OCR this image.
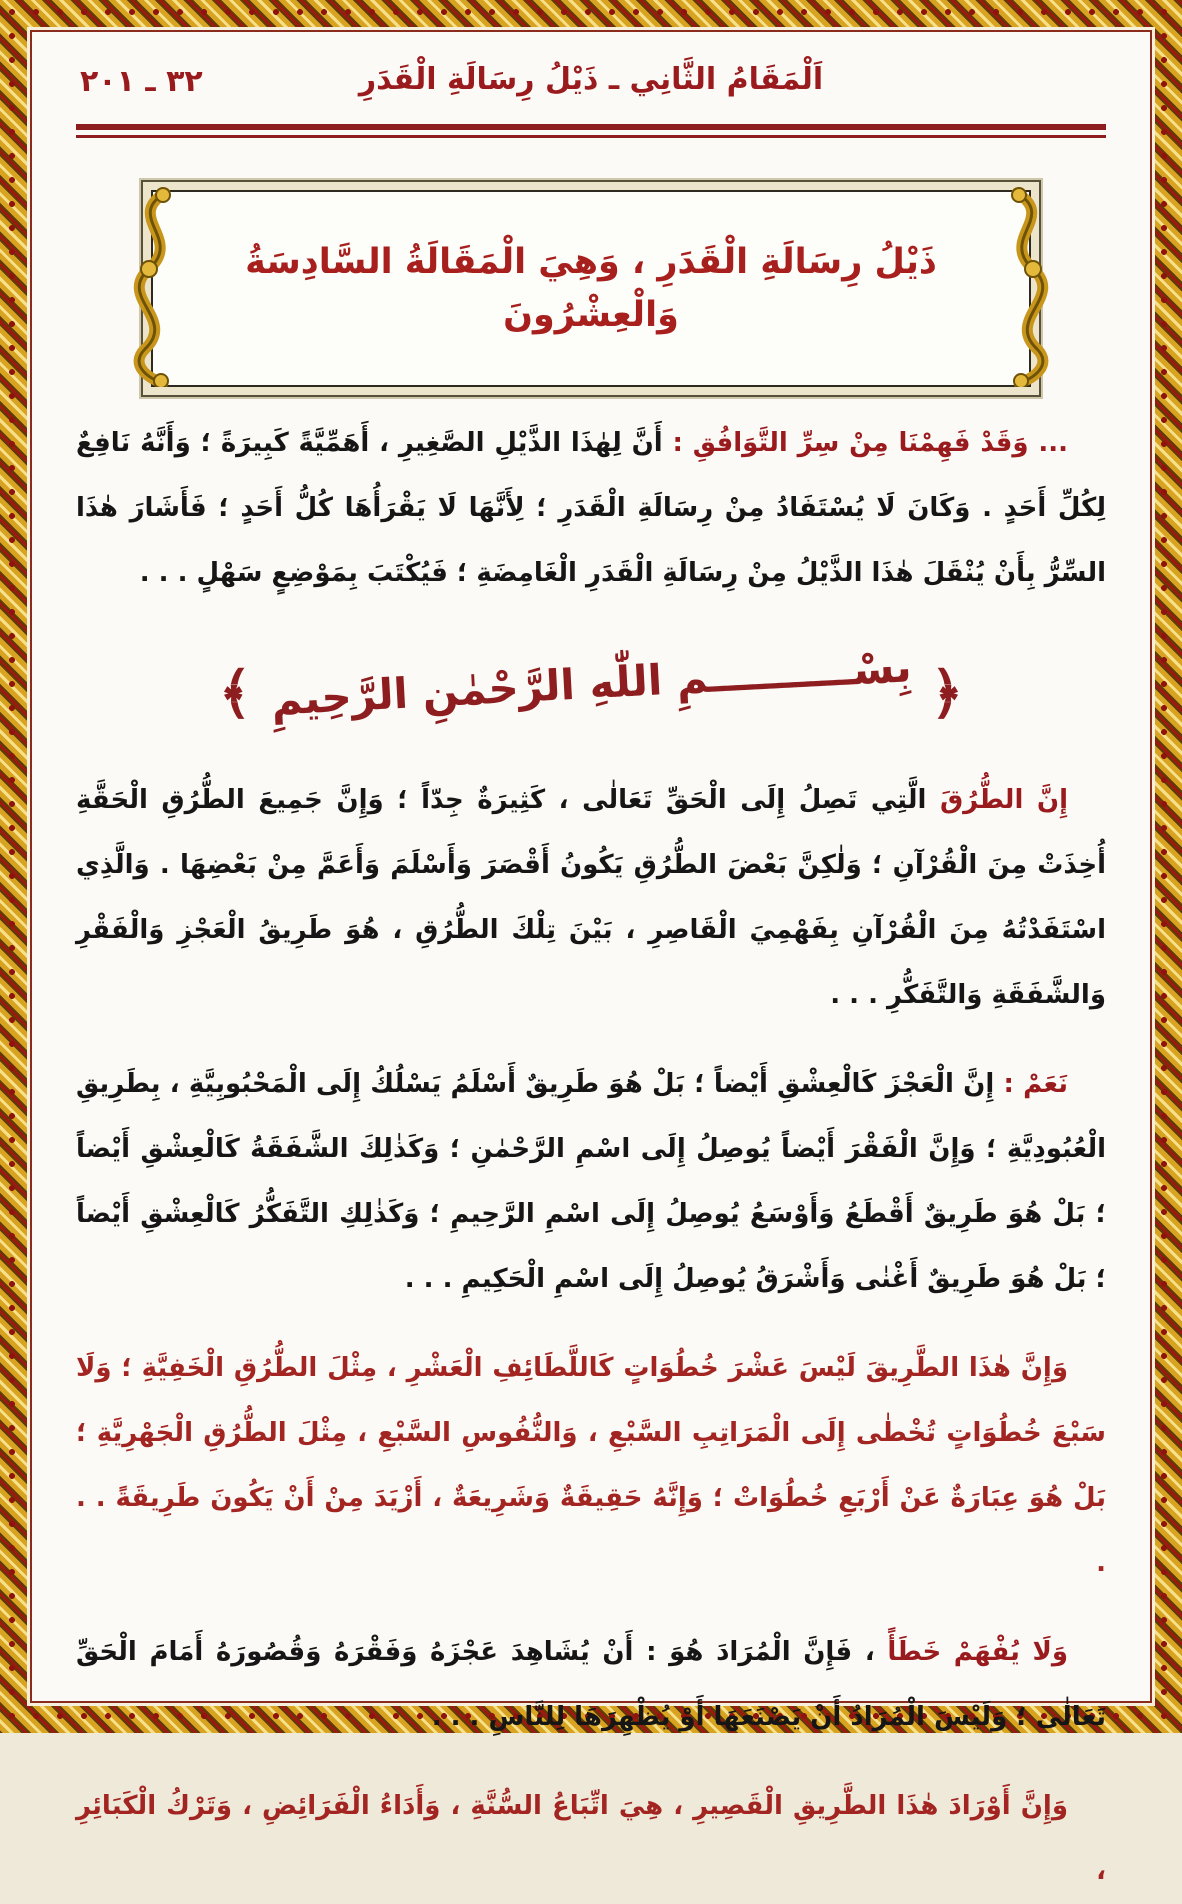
اَلْمَقَامُ الثَّانِي ـ ذَيْلُ رِسَالَةِ الْقَدَرِ
٣٢ ـ ٢٠١
ذَيْلُ رِسَالَةِ الْقَدَرِ ، وَهِيَ الْمَقَالَةُ السَّادِسَةُ وَالْعِشْرُونَ

... وَقَدْ فَهِمْنَا مِنْ سِرِّ التَّوَافُقِ : أَنَّ لِهٰذَا الذَّيْلِ الصَّغِيرِ ، أَهَمِّيَّةً كَبِيرَةً ؛ وَأَنَّهُ نَافِعٌ لِكُلِّ أَحَدٍ . وَكَانَ لَا يُسْتَفَادُ مِنْ رِسَالَةِ الْقَدَرِ ؛ لِأَنَّهَا لَا يَقْرَأُهَا كُلُّ أَحَدٍ ؛ فَأَشَارَ هٰذَا السِّرُّ بِأَنْ يُنْقَلَ هٰذَا الذَّيْلُ مِنْ رِسَالَةِ الْقَدَرِ الْغَامِضَةِ ؛ فَيُكْتَبَ بِمَوْضِعٍ سَهْلٍ . . .

﴿ بِسْــــــــــمِ اللّٰهِ الرَّحْمٰنِ الرَّحِيمِ ﴾

إِنَّ الطُّرُقَ الَّتِي تَصِلُ إِلَى الْحَقِّ تَعَالٰى ، كَثِيرَةٌ جِدّاً ؛ وَإِنَّ جَمِيعَ الطُّرُقِ الْحَقَّةِ أُخِذَتْ مِنَ الْقُرْآنِ ؛ وَلٰكِنَّ بَعْضَ الطُّرُقِ يَكُونُ أَقْصَرَ وَأَسْلَمَ وَأَعَمَّ مِنْ بَعْضِهَا . وَالَّذِي اسْتَفَدْتُهُ مِنَ الْقُرْآنِ بِفَهْمِيَ الْقَاصِرِ ، بَيْنَ تِلْكَ الطُّرُقِ ، هُوَ طَرِيقُ الْعَجْزِ وَالْفَقْرِ وَالشَّفَقَةِ وَالتَّفَكُّرِ . . .

نَعَمْ : إِنَّ الْعَجْزَ كَالْعِشْقِ أَيْضاً ؛ بَلْ هُوَ طَرِيقٌ أَسْلَمُ يَسْلُكُ إِلَى الْمَحْبُوبِيَّةِ ، بِطَرِيقِ الْعُبُودِيَّةِ ؛ وَإِنَّ الْفَقْرَ أَيْضاً يُوصِلُ إِلَى اسْمِ الرَّحْمٰنِ ؛ وَكَذٰلِكَ الشَّفَقَةُ كَالْعِشْقِ أَيْضاً ؛ بَلْ هُوَ طَرِيقٌ أَقْطَعُ وَأَوْسَعُ يُوصِلُ إِلَى اسْمِ الرَّحِيمِ ؛ وَكَذٰلِكِ التَّفَكُّرُ كَالْعِشْقِ أَيْضاً ؛ بَلْ هُوَ طَرِيقٌ أَغْنٰى وَأَشْرَقُ يُوصِلُ إِلَى اسْمِ الْحَكِيمِ . . .

وَإِنَّ هٰذَا الطَّرِيقَ لَيْسَ عَشْرَ خُطُوَاتٍ كَاللَّطَائِفِ الْعَشْرِ ، مِثْلَ الطُّرُقِ الْخَفِيَّةِ ؛ وَلَا سَبْعَ خُطُوَاتٍ تُخْطٰى إِلَى الْمَرَاتِبِ السَّبْعِ ، وَالنُّفُوسِ السَّبْعِ ، مِثْلَ الطُّرُقِ الْجَهْرِيَّةِ ؛ بَلْ هُوَ عِبَارَةٌ عَنْ أَرْبَعِ خُطُوَاتْ ؛ وَإِنَّهُ حَقِيقَةٌ وَشَرِيعَةٌ ، أَزْيَدَ مِنْ أَنْ يَكُونَ طَرِيقَةً . . .

وَلَا يُفْهَمْ خَطَأً ، فَإِنَّ الْمُرَادَ هُوَ : أَنْ يُشَاهِدَ عَجْزَهُ وَفَقْرَهُ وَقُصُورَهُ أَمَامَ الْحَقِّ تَعَالٰى ؛ وَلَيْسَ الْمُرَادُ أَنْ يَصْنَعَهَا أَوْ يُظْهِرَهَا لِلنَّاسِ . . .

وَإِنَّ أَوْرَادَ هٰذَا الطَّرِيقِ الْقَصِيرِ ، هِيَ اتِّبَاعُ السُّنَّةِ ، وَأَدَاءُ الْفَرَائِضِ ، وَتَرْكُ الْكَبَائِرِ ،
